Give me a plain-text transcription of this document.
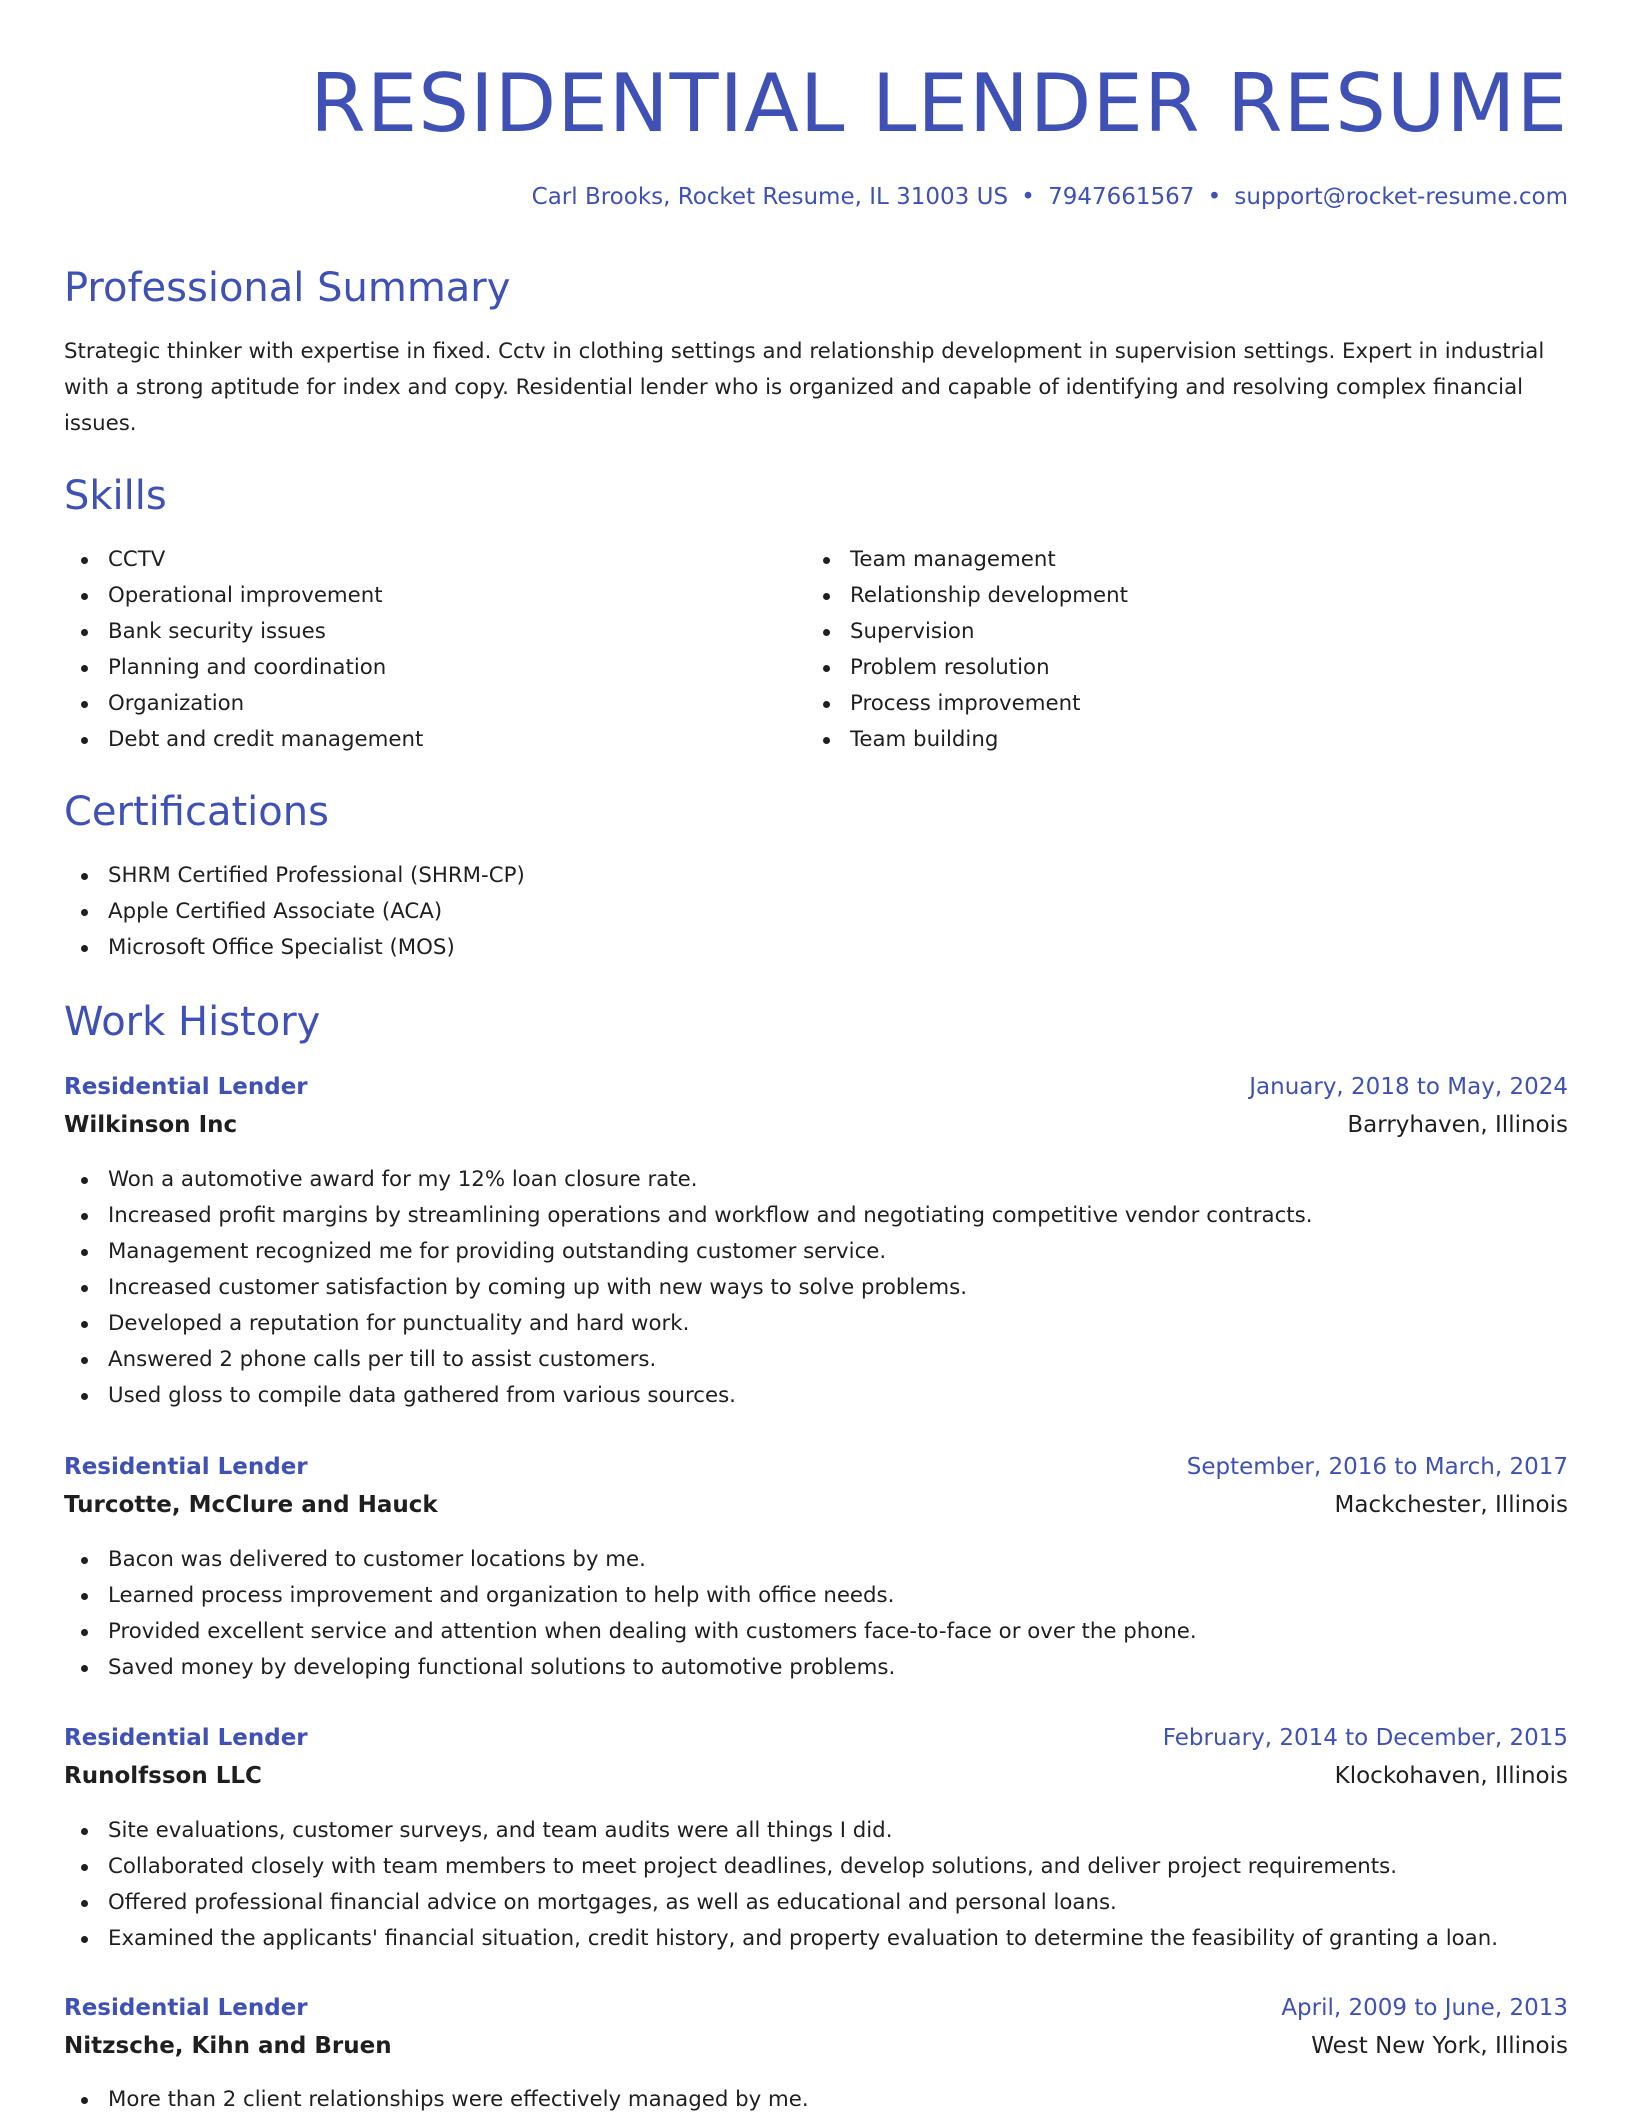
RESIDENTIAL LENDER RESUME
Carl Brooks, Rocket Resume, IL 31003 US • 7947661567 • support@rocket-resume.com
Professional Summary

Strategic thinker with expertise in fixed. Cctv in clothing settings and relationship development in supervision settings. Expert in industrial with a strong aptitude for index and copy. Residential lender who is organized and capable of identifying and resolving complex financial issues.

Skills
CCTV
Operational improvement
Bank security issues
Planning and coordination
Organization
Debt and credit management
Team management
Relationship development
Supervision
Problem resolution
Process improvement
Team building
Certifications
SHRM Certified Professional (SHRM-CP)
Apple Certified Associate (ACA)
Microsoft Office Specialist (MOS)
Work History
Residential Lender	January, 2018 to May, 2024
Wilkinson Inc	Barryhaven, Illinois
Won a automotive award for my 12% loan closure rate.
Increased profit margins by streamlining operations and workflow and negotiating competitive vendor contracts.
Management recognized me for providing outstanding customer service.
Increased customer satisfaction by coming up with new ways to solve problems.
Developed a reputation for punctuality and hard work.
Answered 2 phone calls per till to assist customers.
Used gloss to compile data gathered from various sources.
Residential Lender	September, 2016 to March, 2017
Turcotte, McClure and Hauck	Mackchester, Illinois
Bacon was delivered to customer locations by me.
Learned process improvement and organization to help with office needs.
Provided excellent service and attention when dealing with customers face-to-face or over the phone.
Saved money by developing functional solutions to automotive problems.
Residential Lender	February, 2014 to December, 2015
Runolfsson LLC	Klockohaven, Illinois
Site evaluations, customer surveys, and team audits were all things I did.
Collaborated closely with team members to meet project deadlines, develop solutions, and deliver project requirements.
Offered professional financial advice on mortgages, as well as educational and personal loans.
Examined the applicants' financial situation, credit history, and property evaluation to determine the feasibility of granting a loan.
Residential Lender	April, 2009 to June, 2013
Nitzsche, Kihn and Bruen	West New York, Illinois
More than 2 client relationships were effectively managed by me.
